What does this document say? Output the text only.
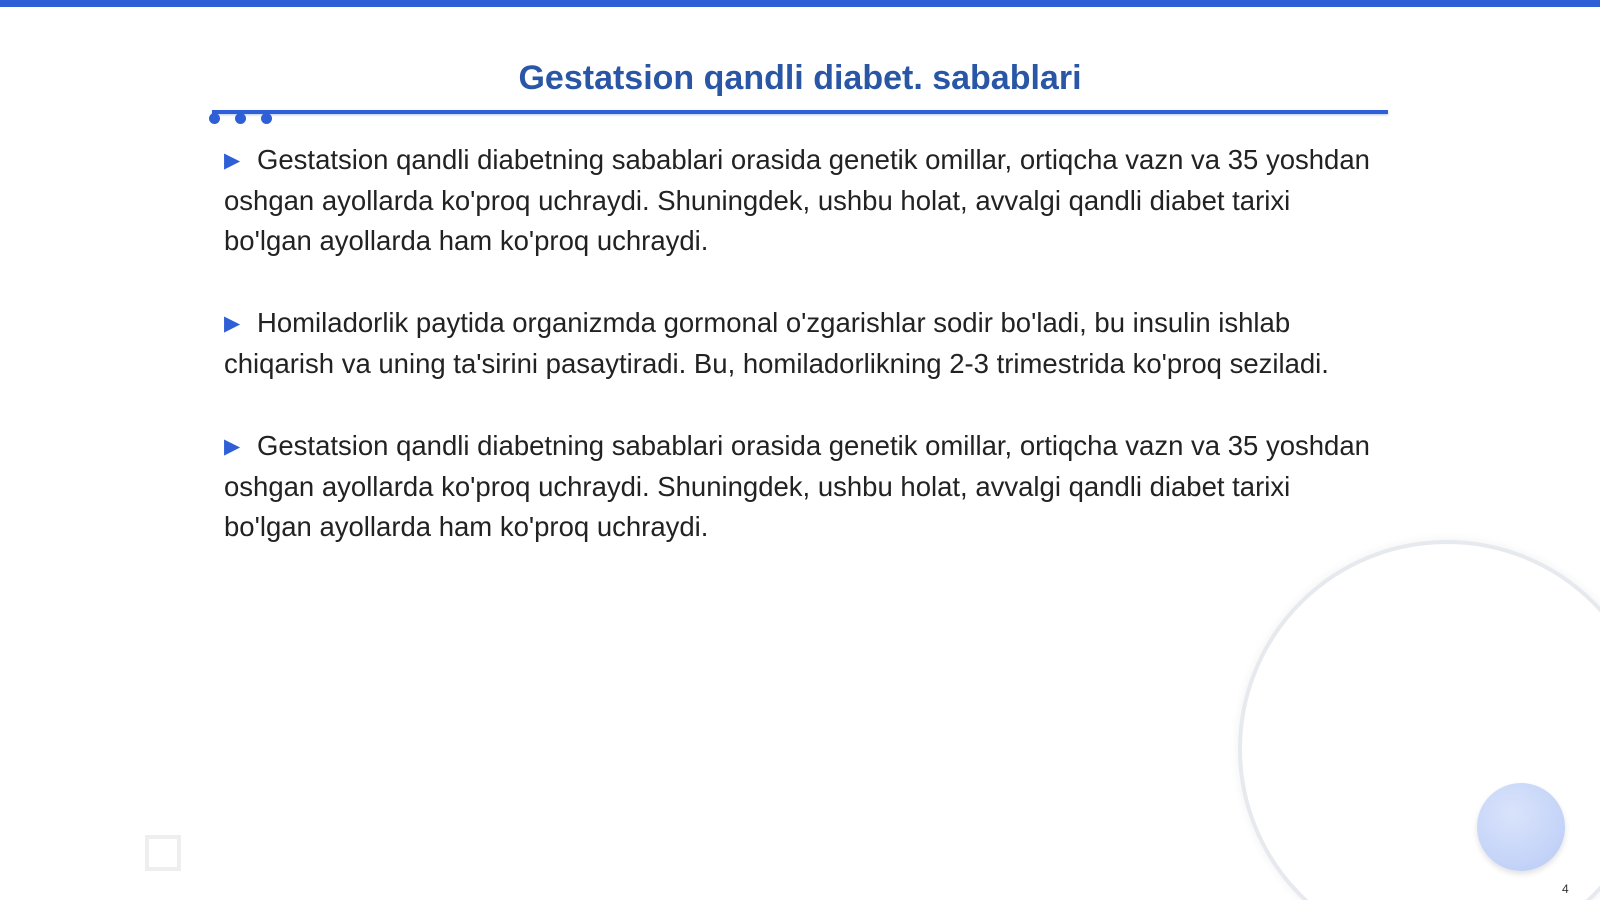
Gestatsion qandli diabet. sabablari

▶ Gestatsion qandli diabetning sabablari orasida genetik omillar, ortiqcha vazn va 35 yoshdan oshgan ayollarda ko'proq uchraydi. Shuningdek, ushbu holat, avvalgi qandli diabet tarixi bo'lgan ayollarda ham ko'proq uchraydi.

▶ Homiladorlik paytida organizmda gormonal o'zgarishlar sodir bo'ladi, bu insulin ishlab chiqarish va uning ta'sirini pasaytiradi. Bu, homiladorlikning 2-3 trimestrida ko'proq seziladi.

▶ Gestatsion qandli diabetning sabablari orasida genetik omillar, ortiqcha vazn va 35 yoshdan oshgan ayollarda ko'proq uchraydi. Shuningdek, ushbu holat, avvalgi qandli diabet tarixi bo'lgan ayollarda ham ko'proq uchraydi.

4
